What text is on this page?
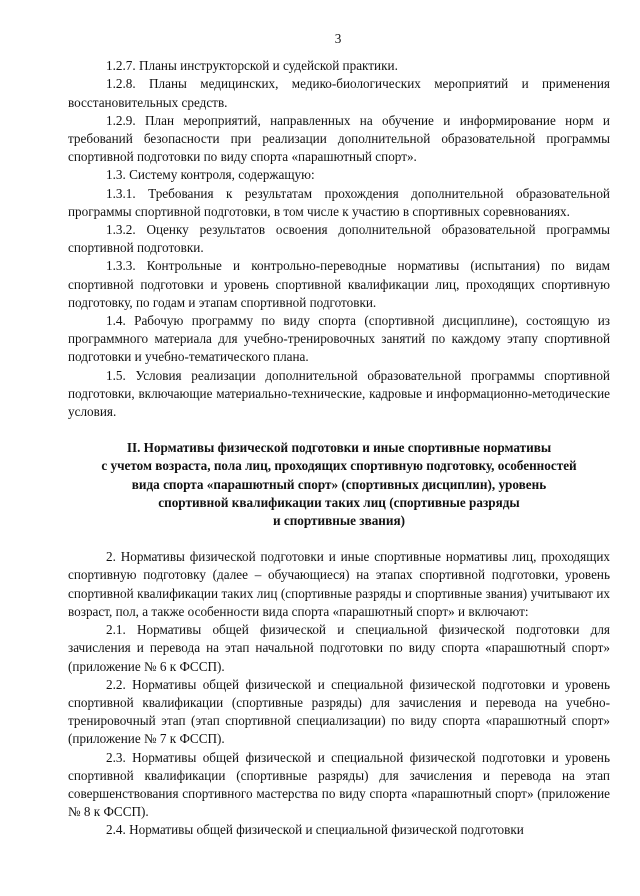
3

1.2.7. Планы инструкторской и судейской практики.

1.2.8. Планы медицинских, медико-биологических мероприятий и применения восстановительных средств.

1.2.9. План мероприятий, направленных на обучение и информирование норм и требований безопасности при реализации дополнительной образовательной программы спортивной подготовки по виду спорта «парашютный спорт».

1.3. Систему контроля, содержащую:

1.3.1. Требования к результатам прохождения дополнительной образовательной программы спортивной подготовки, в том числе к участию в спортивных соревнованиях.

1.3.2. Оценку результатов освоения дополнительной образовательной программы спортивной подготовки.

1.3.3. Контрольные и контрольно-переводные нормативы (испытания) по видам спортивной подготовки и уровень спортивной квалификации лиц, проходящих спортивную подготовку, по годам и этапам спортивной подготовки.

1.4. Рабочую программу по виду спорта (спортивной дисциплине), состоящую из программного материала для учебно-тренировочных занятий по каждому этапу спортивной подготовки и учебно-тематического плана.

1.5. Условия реализации дополнительной образовательной программы спортивной подготовки, включающие материально-технические, кадровые и информационно-методические условия.

II. Нормативы физической подготовки и иные спортивные нормативы
с учетом возраста, пола лиц, проходящих спортивную подготовку, особенностей
вида спорта «парашютный спорт» (спортивных дисциплин), уровень
спортивной квалификации таких лиц (спортивные разряды
и спортивные звания)

2. Нормативы физической подготовки и иные спортивные нормативы лиц, проходящих спортивную подготовку (далее – обучающиеся) на этапах спортивной подготовки, уровень спортивной квалификации таких лиц (спортивные разряды и спортивные звания) учитывают их возраст, пол, а также особенности вида спорта «парашютный спорт» и включают:

2.1. Нормативы общей физической и специальной физической подготовки для зачисления и перевода на этап начальной подготовки по виду спорта «парашютный спорт» (приложение № 6 к ФССП).

2.2. Нормативы общей физической и специальной физической подготовки и уровень спортивной квалификации (спортивные разряды) для зачисления и перевода на учебно-тренировочный этап (этап спортивной специализации) по виду спорта «парашютный спорт» (приложение № 7 к ФССП).

2.3. Нормативы общей физической и специальной физической подготовки и уровень спортивной квалификации (спортивные разряды) для зачисления и перевода на этап совершенствования спортивного мастерства по виду спорта «парашютный спорт» (приложение № 8 к ФССП).

2.4. Нормативы общей физической и специальной физической подготовки
